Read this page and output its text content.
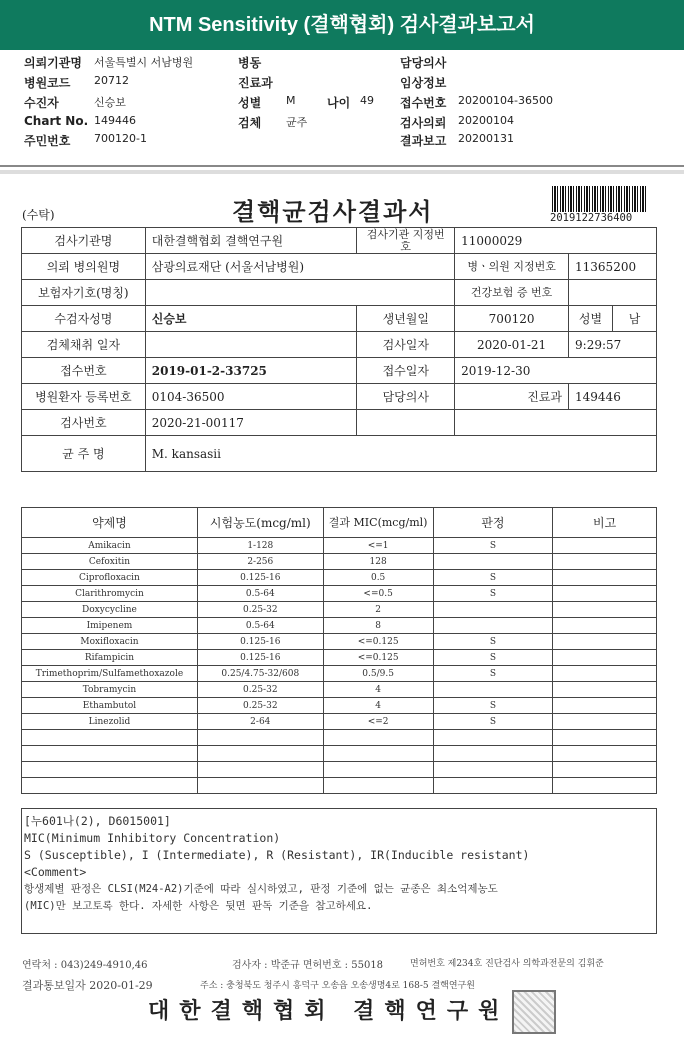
NTM Sensitivity (결핵협회) 검사결과보고서
의뢰기관명 서울특별시 서남병원	병동	담당의사
병원코드 20712	진료과	임상정보
수진자	신승보	성별 M	나이 49 접수번호 20200104-36500
Chart No. 149446	검체 균주	검사의뢰 20200104
주민번호 700120-1	결과보고 20200131
(수탁)	결핵균검사결과서	2019122736400
검사기관명	대한결핵협회 결핵연구원	검사기관 지정번호	11000029		
의뢰 병의원명	삼광의료재단 (서울서남병원)		병ㆍ의원 지정번호	11365200	
보험자기호(명칭)			건강보험 증 번호		
수검자성명	신승보	생년월일	700120	성별	남
검체채취 일자		검사일자	2020-01-21	9:29:57	
접수번호	2019-01-2-33725	접수일자	2019-12-30		
병원환자 등록번호	0104-36500	담당의사	진료과	149446	
검사번호	2020-21-00117				
균 주 명	M. kansasii				
약제명	시험농도(mcg/ml)	결과 MIC(mcg/ml)	판정	비고
Amikacin	1-128	<=1	S	
Cefoxitin	2-256	128		
Ciprofloxacin	0.125-16	0.5	S	
Clarithromycin	0.5-64	<=0.5	S	
Doxycycline	0.25-32	2		
Imipenem	0.5-64	8		
Moxifloxacin	0.125-16	<=0.125	S	
Rifampicin	0.125-16	<=0.125	S	
Trimethoprim/Sulfamethoxazole	0.25/4.75-32/608	0.5/9.5	S	
Tobramycin	0.25-32	4		
Ethambutol	0.25-32	4	S	
Linezolid	2-64	<=2	S	

[누601나(2), D6015001]
MIC(Minimum Inhibitory Concentration)
S (Susceptible), I (Intermediate), R (Resistant), IR(Inducible resistant)
<Comment>
항생제별 판정은 CLSI(M24-A2)기준에 따라 실시하였고, 판정 기준에 없는 균종은 최소억제농도
(MIC)만 보고토록 한다. 자세한 사항은 뒷면 판독 기준을 참고하세요.
연락처 : 043)249-4910,46	검사자 : 박준규 면허번호 : 55018	면허번호 제234호 진단검사 의학과전문의 김휘준
결과통보일자 2020-01-29	주소 : 충청북도 청주시 흥덕구 오송읍 오송생명4로 168-5 결핵연구원
대한결핵협회 결핵연구원
